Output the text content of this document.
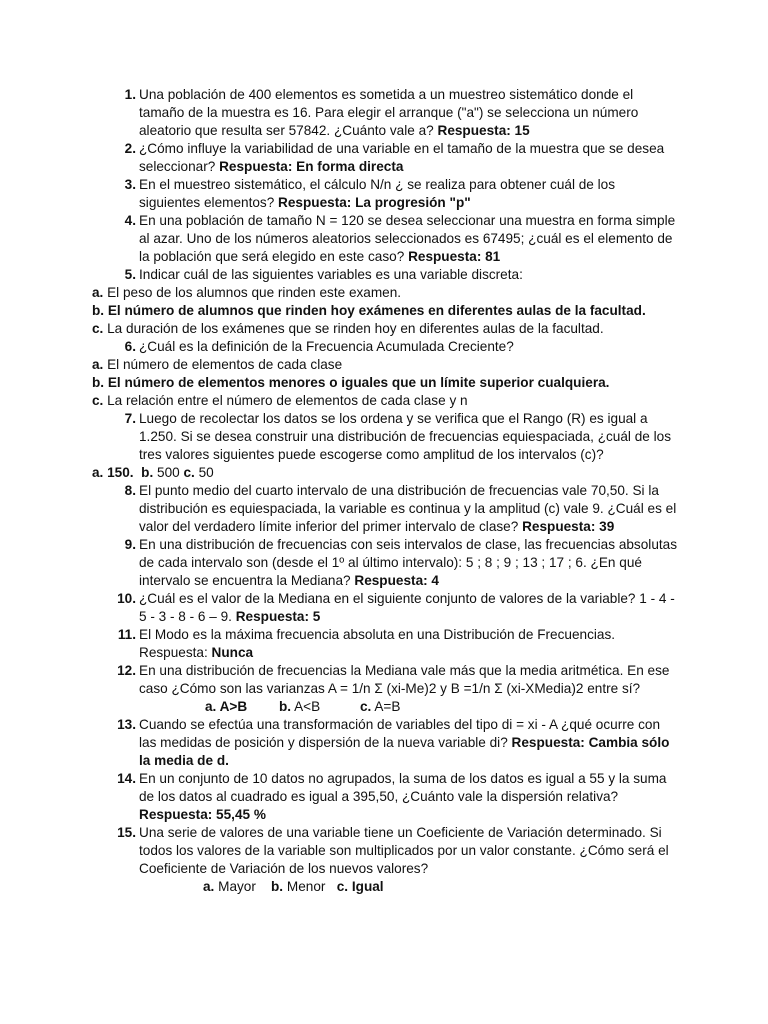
1. Una población de 400 elementos es sometida a un muestreo sistemático donde el tamaño de la muestra es 16. Para elegir el arranque ("a") se selecciona un número aleatorio que resulta ser 57842. ¿Cuánto vale a? Respuesta: 15
2. ¿Cómo influye la variabilidad de una variable en el tamaño de la muestra que se desea seleccionar? Respuesta: En forma directa
3. En el muestreo sistemático, el cálculo N/n ¿ se realiza para obtener cuál de los siguientes elementos? Respuesta: La progresión "p"
4. En una población de tamaño N = 120 se desea seleccionar una muestra en forma simple al azar. Uno de los números aleatorios seleccionados es 67495; ¿cuál es el elemento de la población que será elegido en este caso? Respuesta: 81
5. Indicar cuál de las siguientes variables es una variable discreta:
a. El peso de los alumnos que rinden este examen.
b. El número de alumnos que rinden hoy exámenes en diferentes aulas de la facultad.
c. La duración de los exámenes que se rinden hoy en diferentes aulas de la facultad.
6. ¿Cuál es la definición de la Frecuencia Acumulada Creciente?
a. El número de elementos de cada clase
b. El número de elementos menores o iguales que un límite superior cualquiera.
c. La relación entre el número de elementos de cada clase y n
7. Luego de recolectar los datos se los ordena y se verifica que el Rango (R) es igual a 1.250. Si se desea construir una distribución de frecuencias equiespaciada, ¿cuál de los tres valores siguientes puede escogerse como amplitud de los intervalos (c)?
a. 150. b. 500 c. 50
8. El punto medio del cuarto intervalo de una distribución de frecuencias vale 70,50. Si la distribución es equiespaciada, la variable es continua y la amplitud (c) vale 9. ¿Cuál es el valor del verdadero límite inferior del primer intervalo de clase? Respuesta: 39
9. En una distribución de frecuencias con seis intervalos de clase, las frecuencias absolutas de cada intervalo son (desde el 1º al último intervalo): 5 ; 8 ; 9 ; 13 ; 17 ; 6. ¿En qué intervalo se encuentra la Mediana? Respuesta: 4
10. ¿Cuál es el valor de la Mediana en el siguiente conjunto de valores de la variable? 1 - 4 - 5 - 3 - 8 - 6 – 9. Respuesta: 5
11. El Modo es la máxima frecuencia absoluta en una Distribución de Frecuencias. Respuesta: Nunca
12. En una distribución de frecuencias la Mediana vale más que la media aritmética. En ese caso ¿Cómo son las varianzas A = 1/n Σ (xi-Me)2 y B =1/n Σ (xi-XMedia)2 entre sí? a. A>B b. A<B	c. A=B
13. Cuando se efectúa una transformación de variables del tipo di = xi - A ¿qué ocurre con las medidas de posición y dispersión de la nueva variable di? Respuesta: Cambia sólo la media de d.
14. En un conjunto de 10 datos no agrupados, la suma de los datos es igual a 55 y la suma de los datos al cuadrado es igual a 395,50, ¿Cuánto vale la dispersión relativa? Respuesta: 55,45 %
15. Una serie de valores de una variable tiene un Coeficiente de Variación determinado. Si todos los valores de la variable son multiplicados por un valor constante. ¿Cómo será el Coeficiente de Variación de los nuevos valores?
a. Mayor b. Menor c. Igual
